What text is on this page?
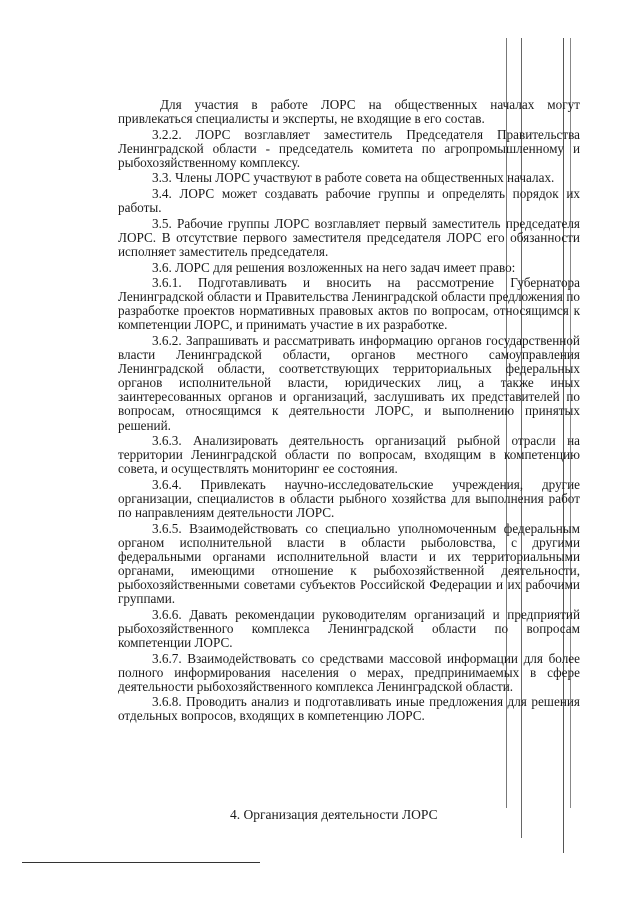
Для участия в работе ЛОРС на общественных началах могут привлекаться специалисты и эксперты, не входящие в его состав.

3.2.2. ЛОРС возглавляет заместитель Председателя Правительства Ленинградской области - председатель комитета по агропромышленному и рыбохозяйственному комплексу.

3.3. Члены ЛОРС участвуют в работе совета на общественных началах.

3.4. ЛОРС может создавать рабочие группы и определять порядок их работы.

3.5. Рабочие группы ЛОРС возглавляет первый заместитель председателя ЛОРС. В отсутствие первого заместителя председателя ЛОРС его обязанности исполняет заместитель председателя.

3.6. ЛОРС для решения возложенных на него задач имеет право:

3.6.1. Подготавливать и вносить на рассмотрение Губернатора Ленинградской области и Правительства Ленинградской области предложения по разработке проектов нормативных правовых актов по вопросам, относящимся к компетенции ЛОРС, и принимать участие в их разработке.

3.6.2. Запрашивать и рассматривать информацию органов государственной власти Ленинградской области, органов местного самоуправления Ленинградской области, соответствующих территориальных федеральных органов исполнительной власти, юридических лиц, а также иных заинтересованных органов и организаций, заслушивать их представителей по вопросам, относящимся к деятельности ЛОРС, и выполнению принятых решений.

3.6.3. Анализировать деятельность организаций рыбной отрасли на территории Ленинградской области по вопросам, входящим в компетенцию совета, и осуществлять мониторинг ее состояния.

3.6.4. Привлекать научно-исследовательские учреждения, другие организации, специалистов в области рыбного хозяйства для выполнения работ по направлениям деятельности ЛОРС.

3.6.5. Взаимодействовать со специально уполномоченным федеральным органом исполнительной власти в области рыболовства, с другими федеральными органами исполнительной власти и их территориальными органами, имеющими отношение к рыбохозяйственной деятельности, рыбохозяйственными советами субъектов Российской Федерации и их рабочими группами.

3.6.6. Давать рекомендации руководителям организаций и предприятий рыбохозяйственного комплекса Ленинградской области по вопросам компетенции ЛОРС.

3.6.7. Взаимодействовать со средствами массовой информации для более полного информирования населения о мерах, предпринимаемых в сфере деятельности рыбохозяйственного комплекса Ленинградской области.

3.6.8. Проводить анализ и подготавливать иные предложения для решения отдельных вопросов, входящих в компетенцию ЛОРС.

4. Организация деятельности ЛОРС
